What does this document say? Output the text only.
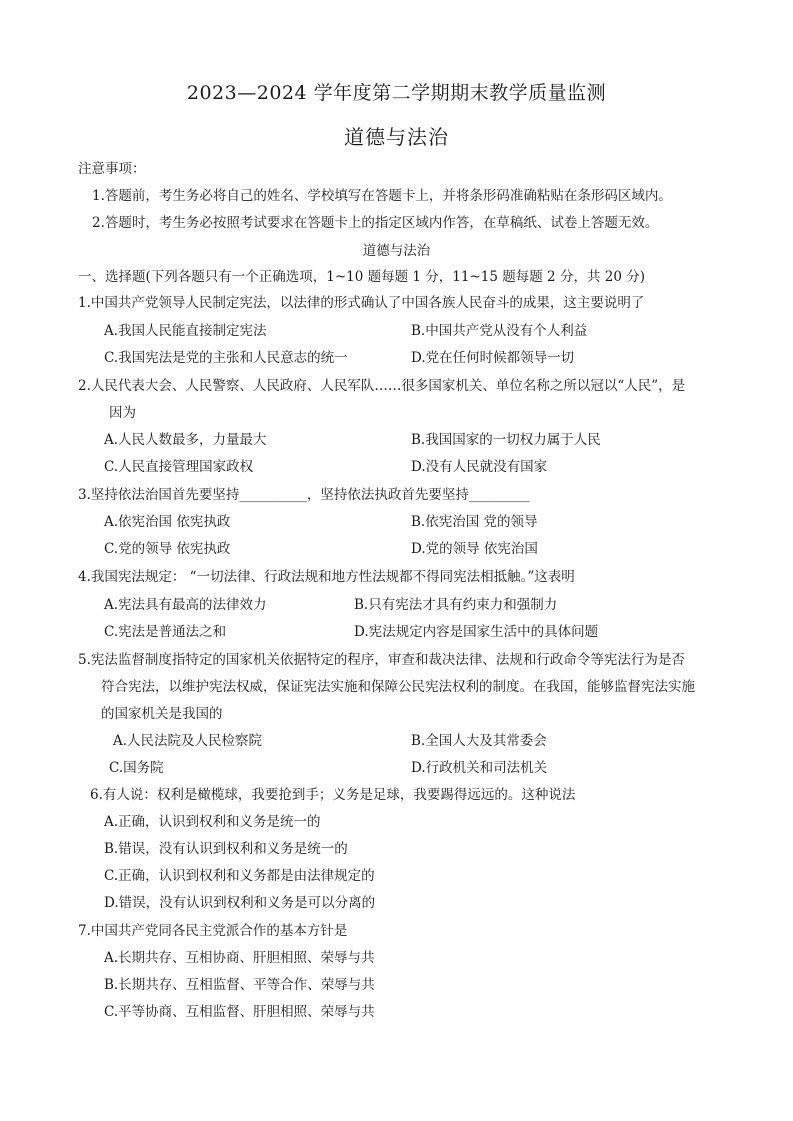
2023—2024 学年度第二学期期末教学质量监测
道德与法治
注意事项：
1.答题前，考生务必将自己的姓名、学校填写在答题卡上，并将条形码准确粘贴在条形码区域内。
2.答题时，考生务必按照考试要求在答题卡上的指定区域内作答，在草稿纸、试卷上答题无效。
道德与法治
一、选择题(下列各题只有一个正确选项，1~10 题每题 1 分，11~15 题每题 2 分，共 20 分)
1.中国共产党领导人民制定宪法，以法律的形式确认了中国各族人民奋斗的成果，这主要说明了
A.我国人民能直接制定宪法	B.中国共产党从没有个人利益
C.我国宪法是党的主张和人民意志的统一	D.党在任何时候都领导一切
2.人民代表大会、人民警察、人民政府、人民军队……很多国家机关、单位名称之所以冠以“人民”，是
因为
A.人民人数最多，力量最大	B.我国国家的一切权力属于人民
C.人民直接管理国家政权	D.没有人民就没有国家
3.坚持依法治国首先要坚持__________，坚持依法执政首先要坚持_________
A.依宪治国 依宪执政	B.依宪治国 党的领导
C.党的领导 依宪执政	D.党的领导 依宪治国
4.我国宪法规定： “一切法律、行政法规和地方性法规都不得同宪法相抵触。”这表明
A.宪法具有最高的法律效力	B.只有宪法才具有约束力和强制力
C.宪法是普通法之和	D.宪法规定内容是国家生活中的具体问题
5.宪法监督制度指特定的国家机关依据特定的程序，审查和裁决法律、法规和行政命令等宪法行为是否
符合宪法，以维护宪法权威，保证宪法实施和保障公民宪法权利的制度。在我国，能够监督宪法实施
的国家机关是我国的
A.人民法院及人民检察院	B.全国人大及其常委会
C.国务院	D.行政机关和司法机关
6.有人说：权利是橄榄球，我要抢到手；义务是足球，我要踢得远远的。这种说法
A.正确，认识到权利和义务是统一的
B.错误，没有认识到权利和义务是统一的
C.正确，认识到权利和义务都是由法律规定的
D.错误，没有认识到权利和义务是可以分离的
7.中国共产党同各民主党派合作的基本方针是
A.长期共存、互相协商、肝胆相照、荣辱与共
B.长期共存、互相监督、平等合作、荣辱与共
C.平等协商、互相监督、肝胆相照、荣辱与共
